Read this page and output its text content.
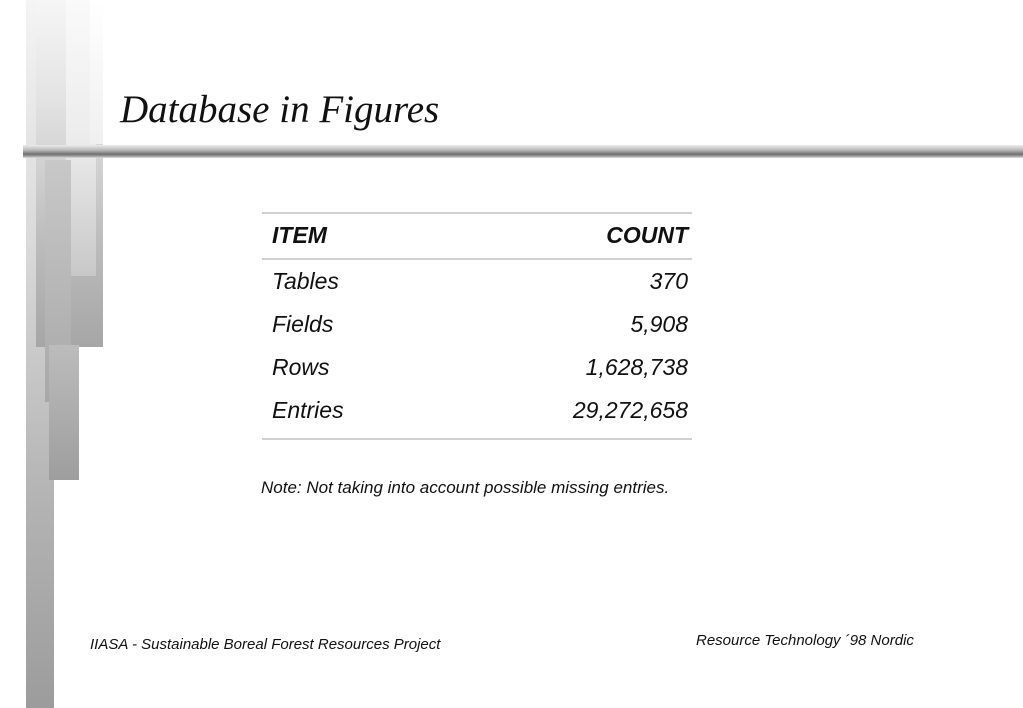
Database in Figures
ITEM	COUNT
Tables	370
Fields	5,908
Rows	1,628,738
Entries	29,272,658
Note: Not taking into account possible missing entries.
IIASA - Sustainable Boreal Forest Resources Project	Resource Technology ´98 Nordic
